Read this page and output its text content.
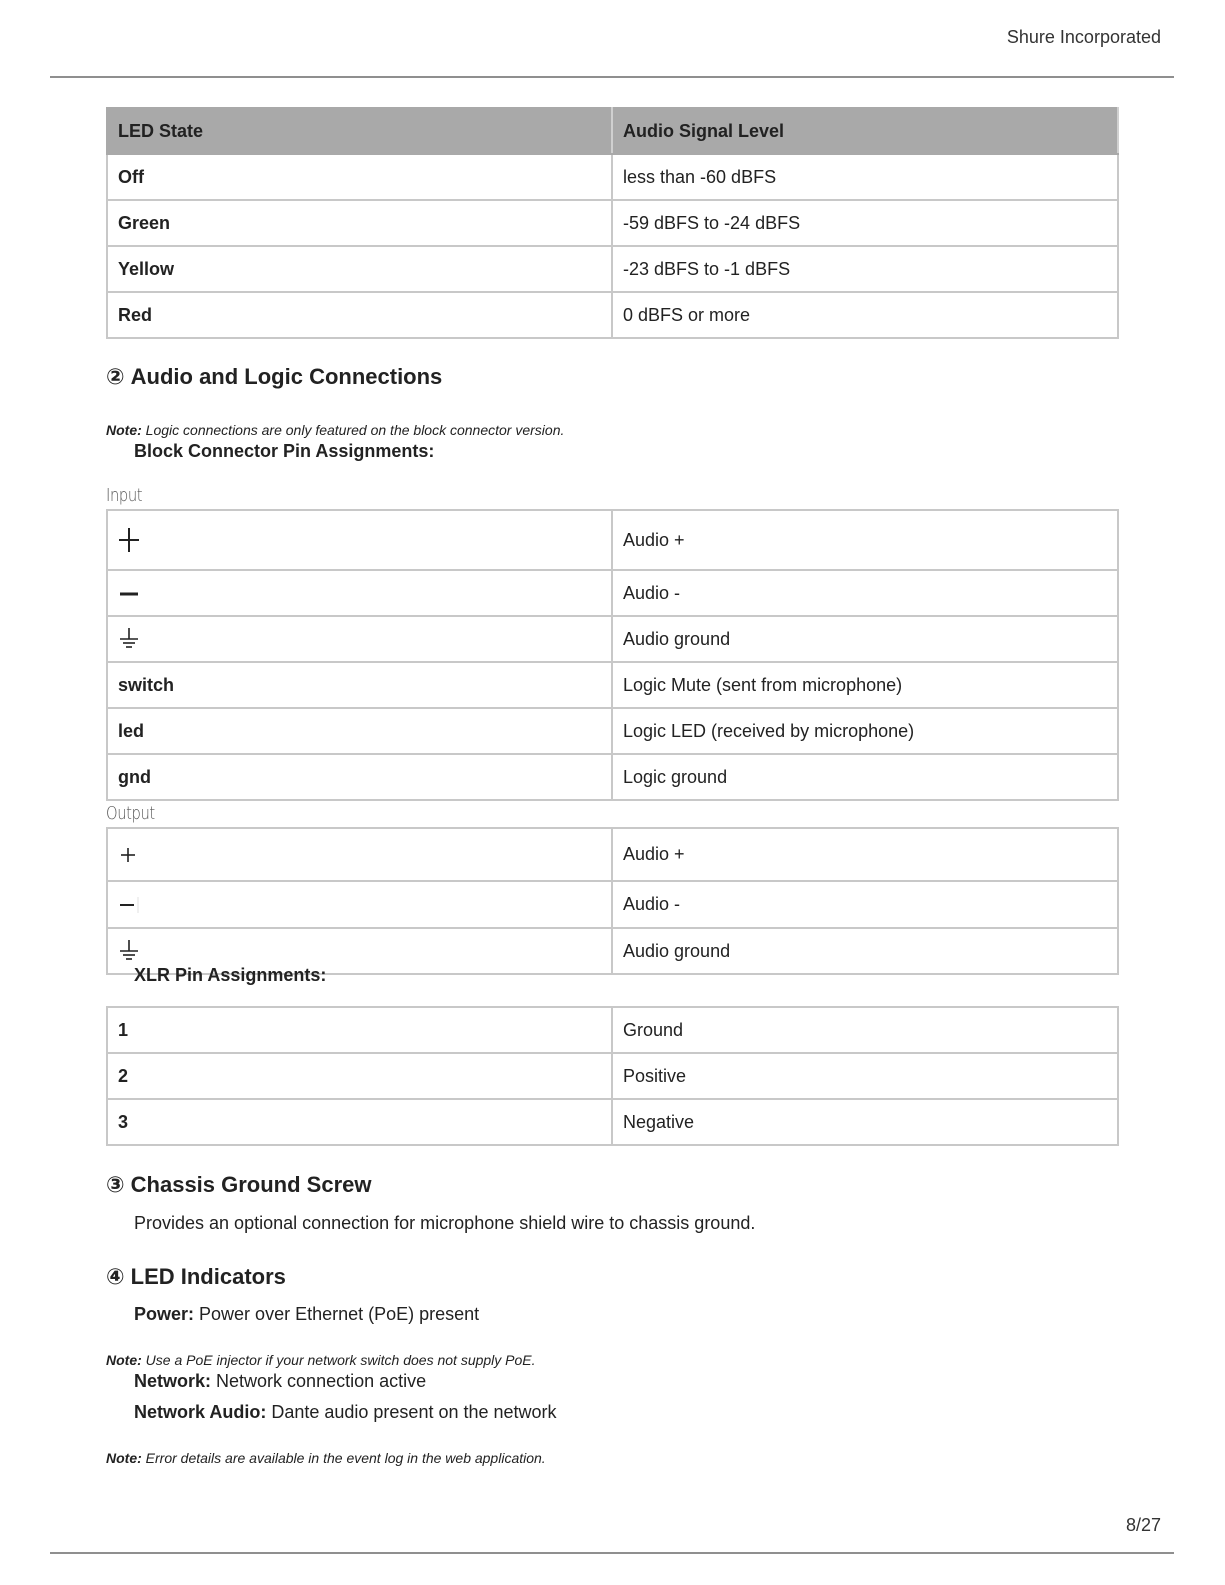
Shure Incorporated
LED State	Audio Signal Level
Off	less than -60 dBFS
Green	-59 dBFS to -24 dBFS
Yellow	-23 dBFS to -1 dBFS
Red	0 dBFS or more
② Audio and Logic Connections
Note: Logic connections are only featured on the block connector version.
Block Connector Pin Assignments:
Input
	Audio +
	Audio -
	Audio ground
switch	Logic Mute (sent from microphone)
led	Logic LED (received by microphone)
gnd	Logic ground
Output
	Audio +
	Audio -
	Audio ground
XLR Pin Assignments:
1	Ground
2	Positive
3	Negative
③ Chassis Ground Screw
Provides an optional connection for microphone shield wire to chassis ground.
④ LED Indicators
Power: Power over Ethernet (PoE) present
Note: Use a PoE injector if your network switch does not supply PoE.
Network: Network connection active
Network Audio: Dante audio present on the network
Note: Error details are available in the event log in the web application.
8/27
